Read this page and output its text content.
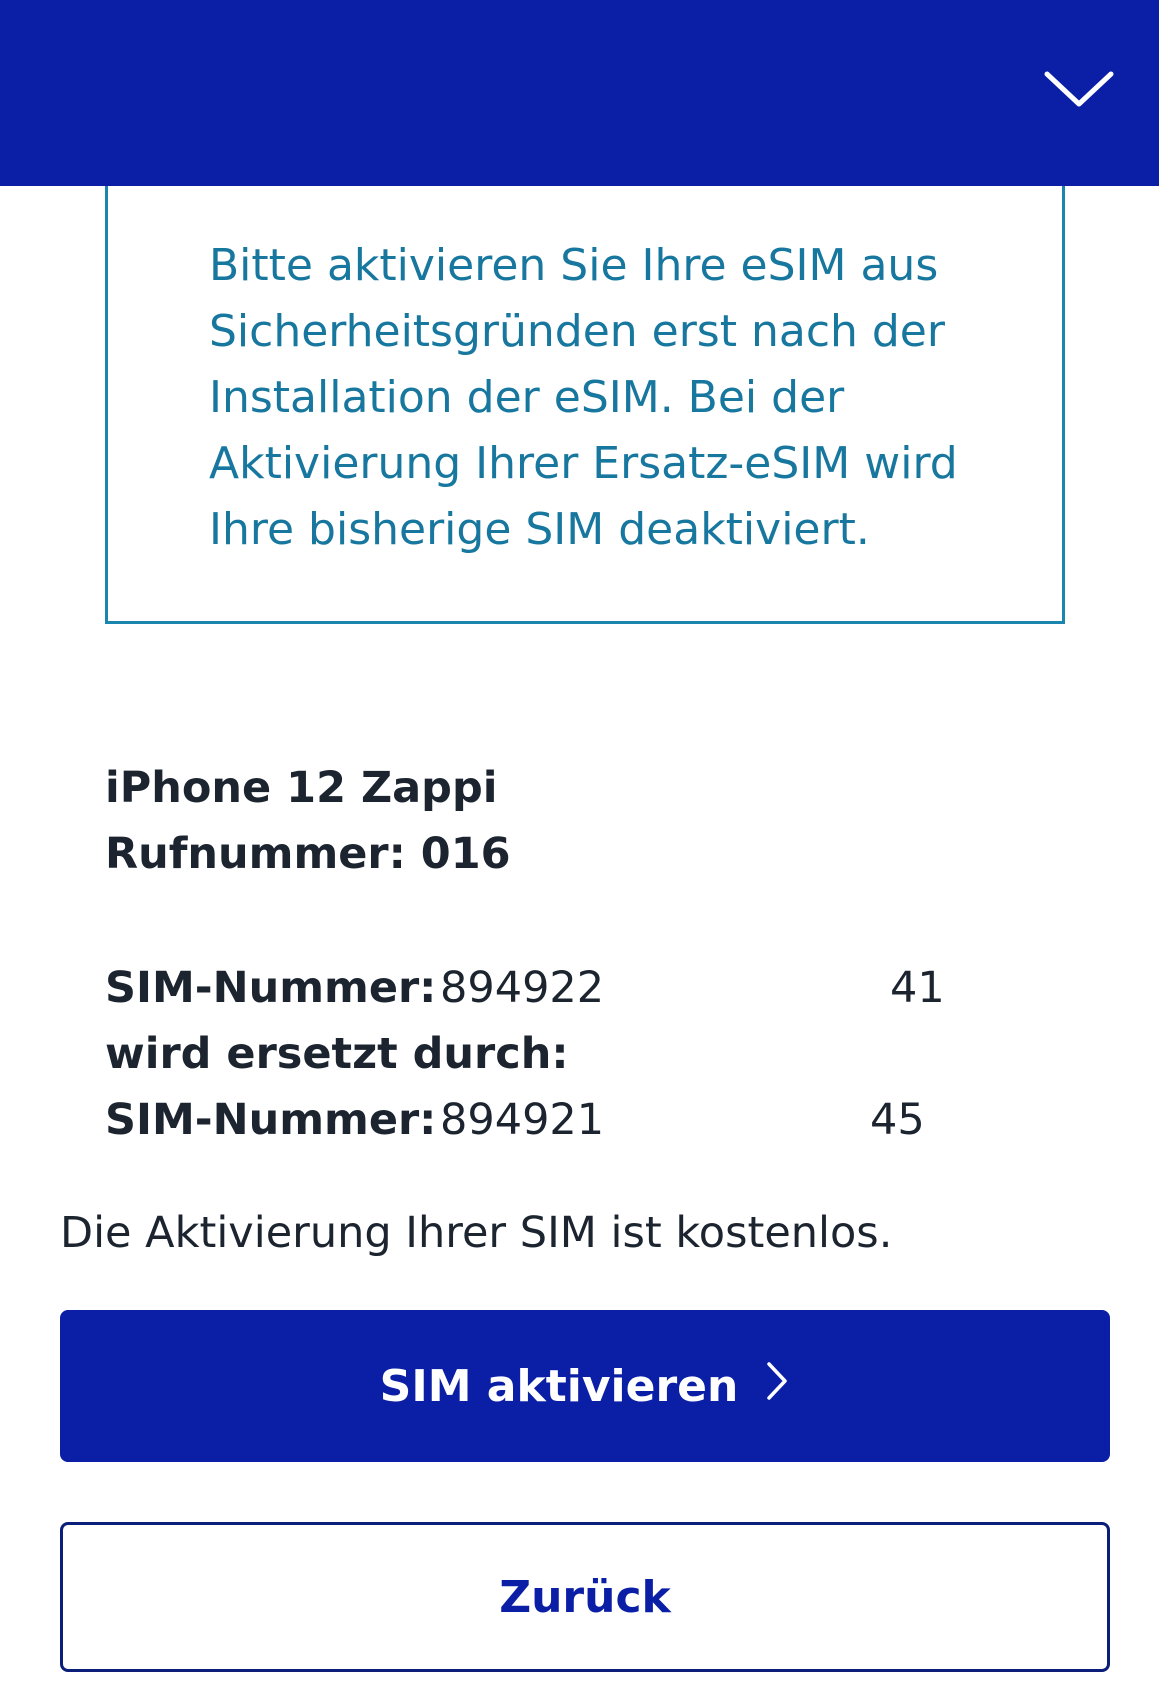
Bitte aktivieren Sie Ihre eSIM aus
Sicherheitsgründen erst nach der
Installation der eSIM. Bei der
Aktivierung Ihrer Ersatz-eSIM wird
Ihre bisherige SIM deaktiviert.
iPhone 12 Zappi
Rufnummer: 016
SIM-Nummer: 894922	41
wird ersetzt durch:
SIM-Nummer: 894921	45
Die Aktivierung Ihrer SIM ist kostenlos.
SIM aktivieren
Zurück
